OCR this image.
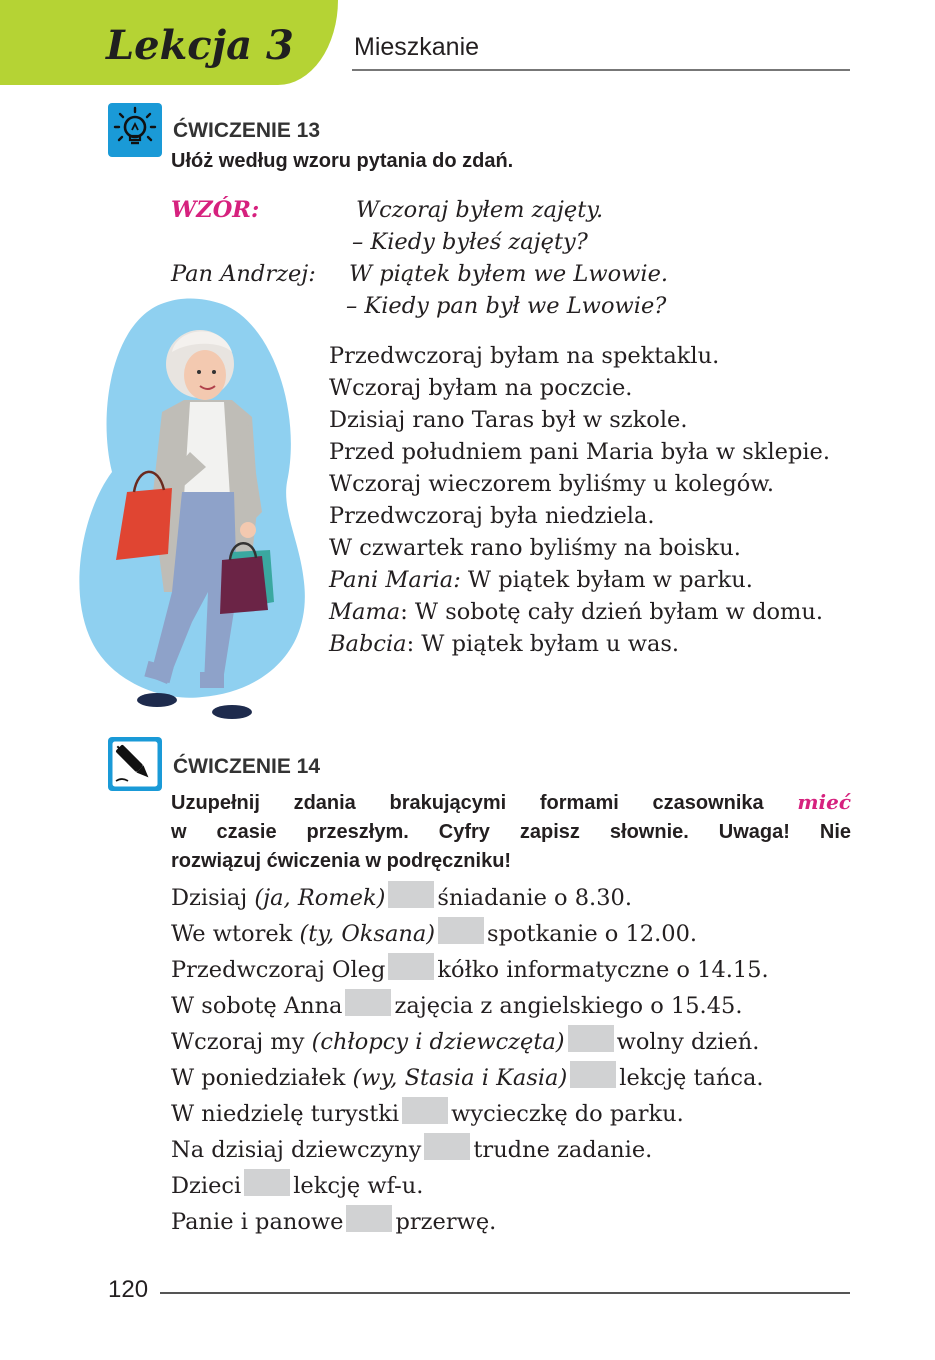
Lekcja 3 Mieszkanie
ĆWICZENIE 13
Ułóż według wzoru pytania do zdań.
WZÓR:	Wczoraj byłem zajęty.
– Kiedy byłeś zajęty?
Pan Andrzej: W piątek byłem we Lwowie.
– Kiedy pan był we Lwowie?
Przedwczoraj byłam na spektaklu.
Wczoraj byłam na poczcie.
Dzisiaj rano Taras był w szkole.
Przed południem pani Maria była w sklepie.
Wczoraj wieczorem byliśmy u kolegów.
Przedwczoraj była niedziela.
W czwartek rano byliśmy na boisku.
Pani Maria: W piątek byłam w parku.
Mama: W sobotę cały dzień byłam w domu.
Babcia: W piątek byłam u was.
ĆWICZENIE 14
Uzupełnij zdania brakującymi formami czasownika mieć
w czasie przeszłym. Cyfry zapisz słownie. Uwaga! Nie
rozwiązuj ćwiczenia w podręczniku!
Dzisiaj (ja, Romek) śniadanie o 8.30.
We wtorek (ty, Oksana) spotkanie o 12.00.
Przedwczoraj Oleg kółko informatyczne o 14.15.
W sobotę Anna zajęcia z angielskiego o 15.45.
Wczoraj my (chłopcy i dziewczęta) wolny dzień.
W poniedziałek (wy, Stasia i Kasia) lekcję tańca.
W niedzielę turystki wycieczkę do parku.
Na dzisiaj dziewczyny trudne zadanie.
Dzieci lekcję wf-u.
Panie i panowe przerwę.
120
